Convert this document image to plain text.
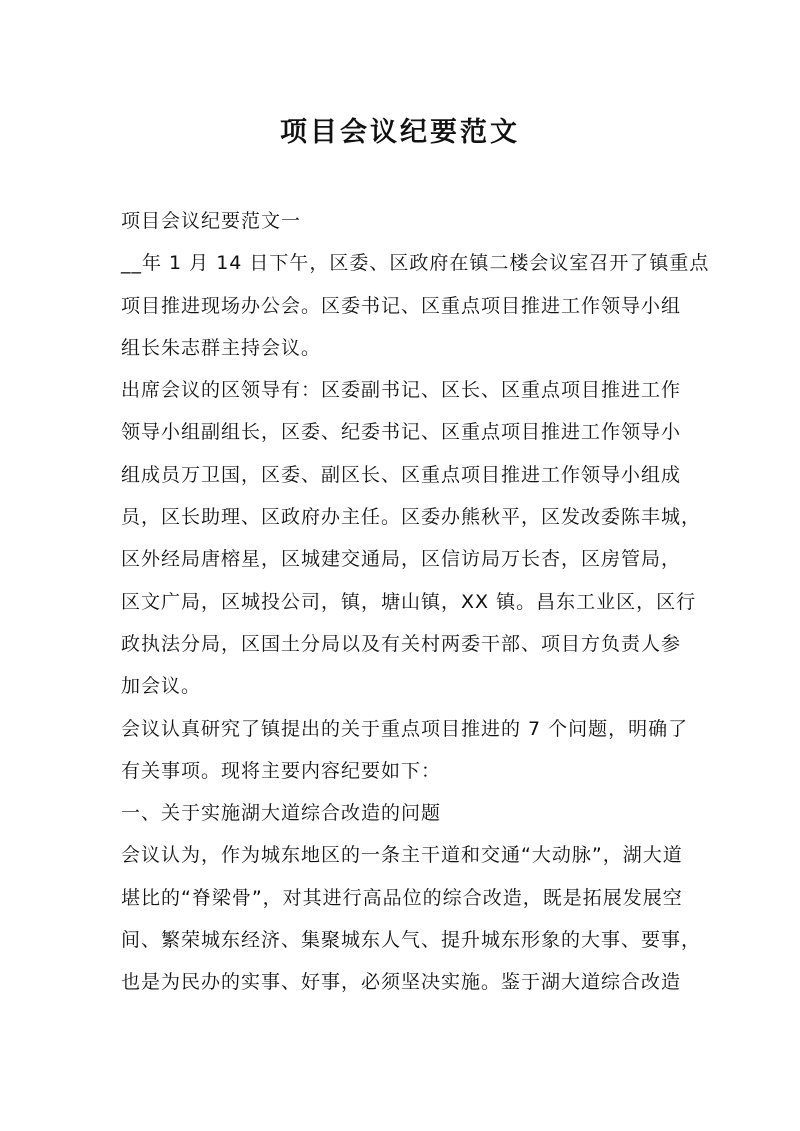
项目会议纪要范文
项目会议纪要范文一
__年 1 月 14 日下午，区委、区政府在镇二楼会议室召开了镇重点
项目推进现场办公会。区委书记、区重点项目推进工作领导小组
组长朱志群主持会议。
出席会议的区领导有：区委副书记、区长、区重点项目推进工作
领导小组副组长，区委、纪委书记、区重点项目推进工作领导小
组成员万卫国，区委、副区长、区重点项目推进工作领导小组成
员，区长助理、区政府办主任。区委办熊秋平，区发改委陈丰城，
区外经局唐榕星，区城建交通局，区信访局万长杏，区房管局，
区文广局，区城投公司，镇，塘山镇，XX 镇。昌东工业区，区行
政执法分局，区国土分局以及有关村两委干部、项目方负责人参
加会议。
会议认真研究了镇提出的关于重点项目推进的 7 个问题，明确了
有关事项。现将主要内容纪要如下：
一、关于实施湖大道综合改造的问题
会议认为，作为城东地区的一条主干道和交通“大动脉”，湖大道
堪比的“脊梁骨”，对其进行高品位的综合改造，既是拓展发展空
间、繁荣城东经济、集聚城东人气、提升城东形象的大事、要事，
也是为民办的实事、好事，必须坚决实施。鉴于湖大道综合改造
